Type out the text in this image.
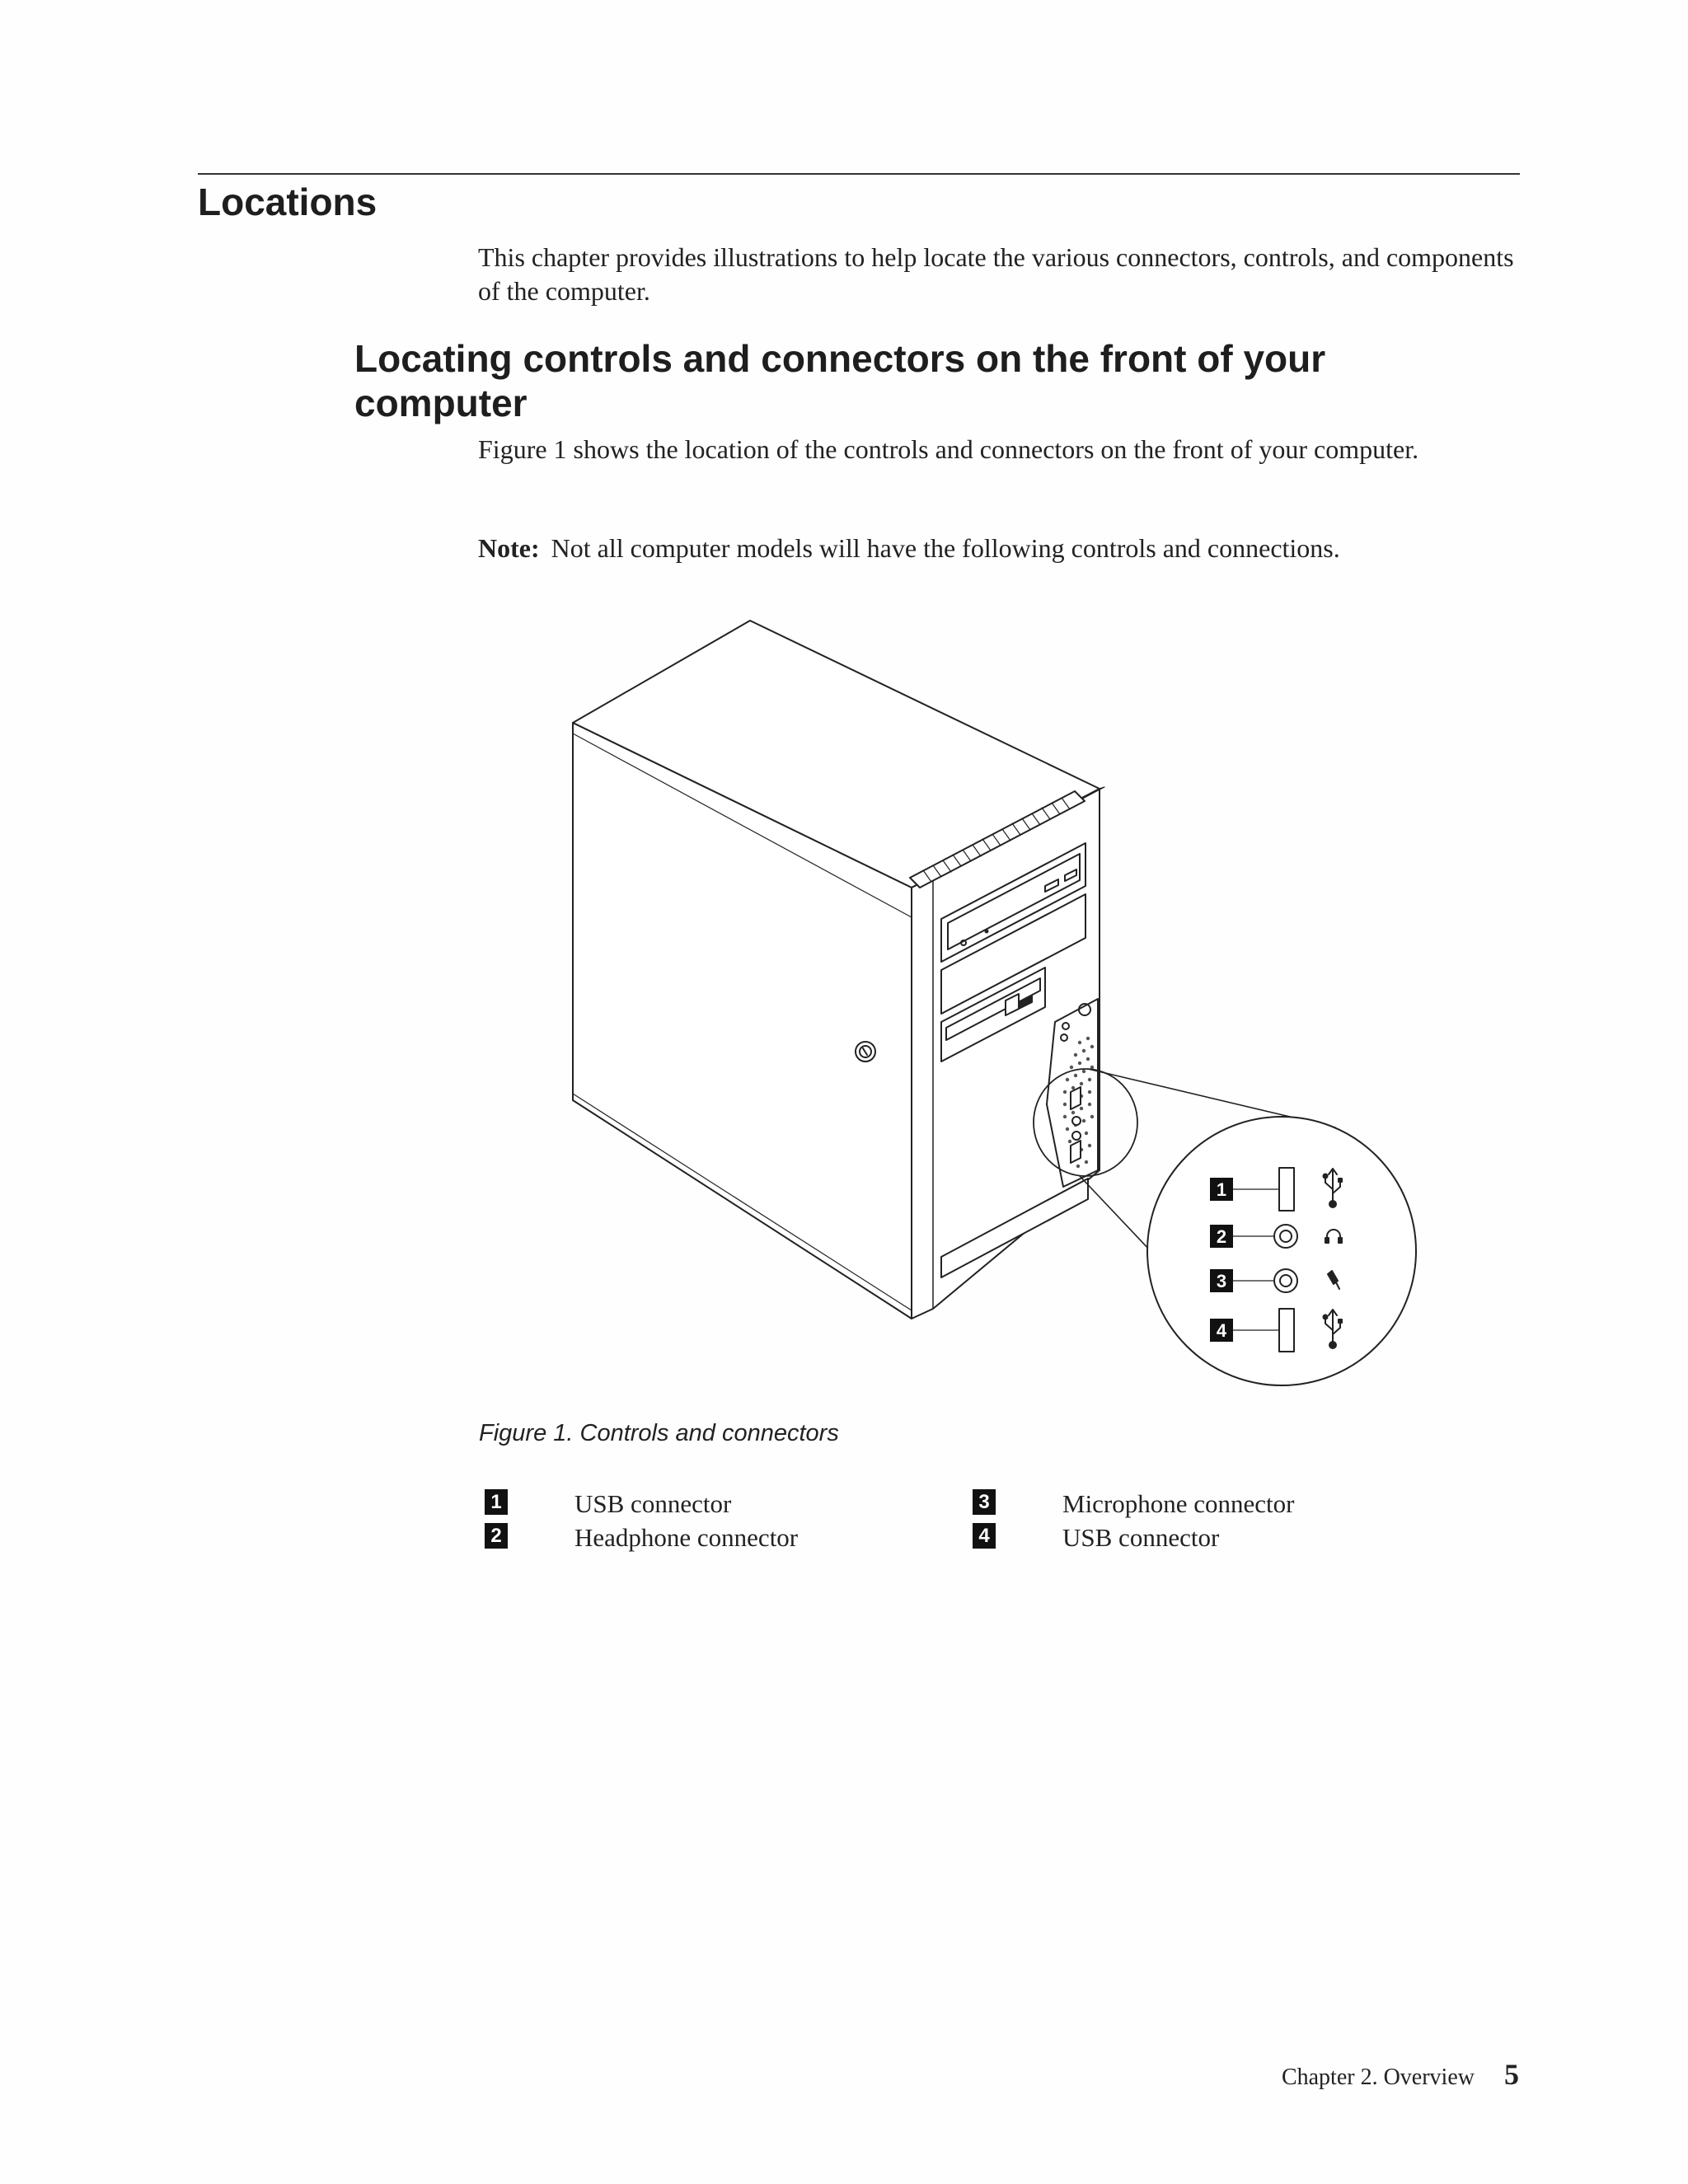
Locations

This chapter provides illustrations to help locate the various connectors, controls, and components of the computer.

Locating controls and connectors on the front of your computer

Figure 1 shows the location of the controls and connectors on the front of your computer.

Note: Not all computer models will have the following controls and connections.

1
2
3
4

Figure 1. Controls and connectors

1	USB connector
2	Headphone connector
3	Microphone connector
4	USB connector
Chapter 2. Overview 5
